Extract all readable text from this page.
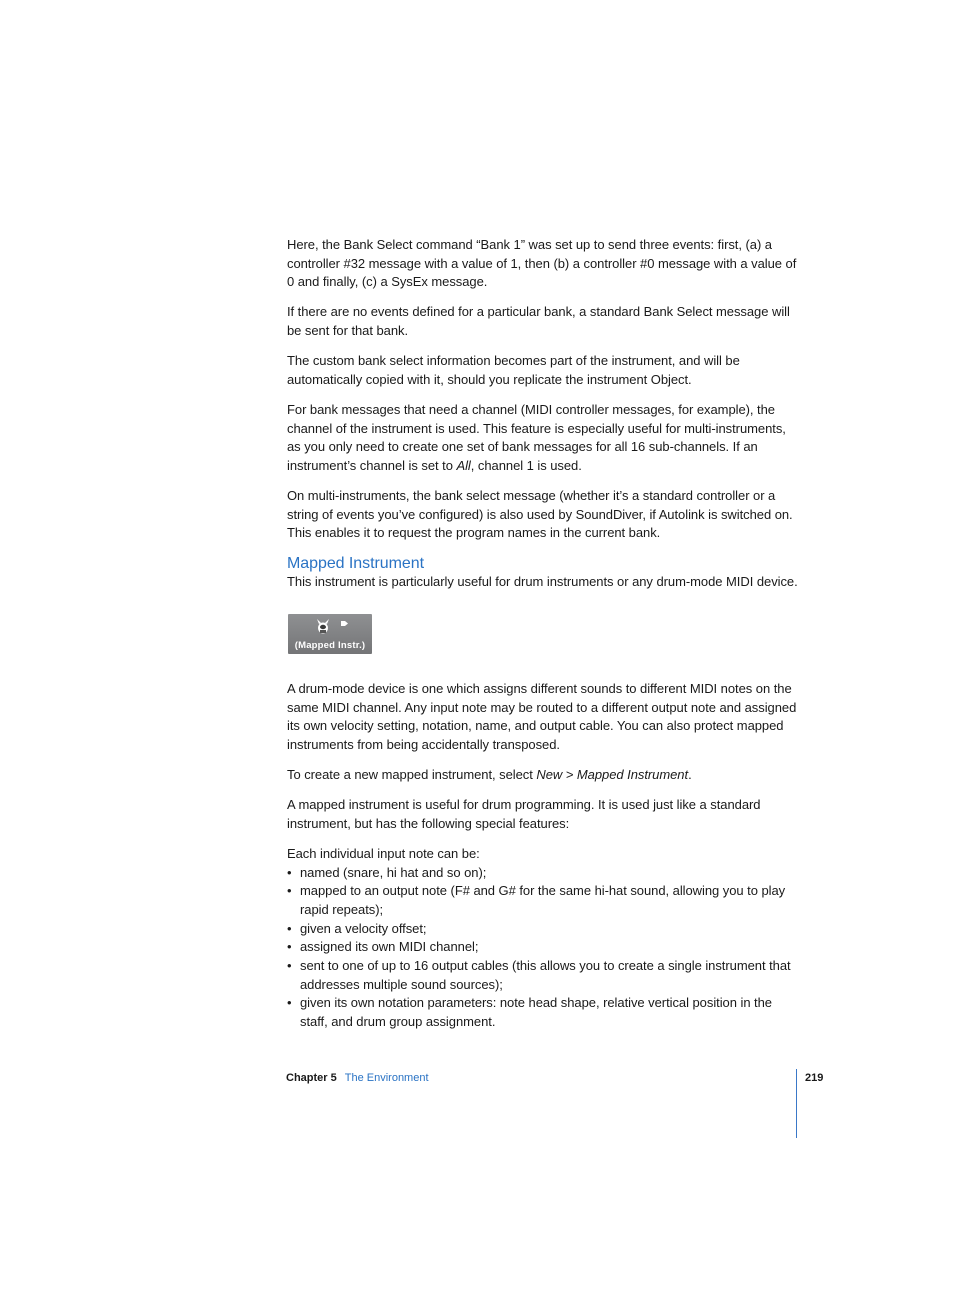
Here, the Bank Select command “Bank 1” was set up to send three events: first, (a) a controller #32 message with a value of 1, then (b) a controller #0 message with a value of 0 and finally, (c) a SysEx message.

If there are no events defined for a particular bank, a standard Bank Select message will be sent for that bank.

The custom bank select information becomes part of the instrument, and will be automatically copied with it, should you replicate the instrument Object.

For bank messages that need a channel (MIDI controller messages, for example), the channel of the instrument is used. This feature is especially useful for multi-instruments, as you only need to create one set of bank messages for all 16 sub-channels. If an instrument’s channel is set to All, channel 1 is used.

On multi-instruments, the bank select message (whether it’s a standard controller or a string of events you’ve configured) is also used by SoundDiver, if Autolink is switched on. This enables it to request the program names in the current bank.

Mapped Instrument

This instrument is particularly useful for drum instruments or any drum-mode MIDI device.

(Mapped Instr.)

A drum-mode device is one which assigns different sounds to different MIDI notes on the same MIDI channel. Any input note may be routed to a different output note and assigned its own velocity setting, notation, name, and output cable. You can also protect mapped instruments from being accidentally transposed.

To create a new mapped instrument, select New > Mapped Instrument.

A mapped instrument is useful for drum programming. It is used just like a standard instrument, but has the following special features:

Each individual input note can be:

• named (snare, hi hat and so on);
• mapped to an output note (F# and G# for the same hi-hat sound, allowing you to play rapid repeats);
• given a velocity offset;
• assigned its own MIDI channel;
• sent to one of up to 16 output cables (this allows you to create a single instrument that addresses multiple sound sources);
• given its own notation parameters: note head shape, relative vertical position in the staff, and drum group assignment.
Chapter 5 The Environment	219
